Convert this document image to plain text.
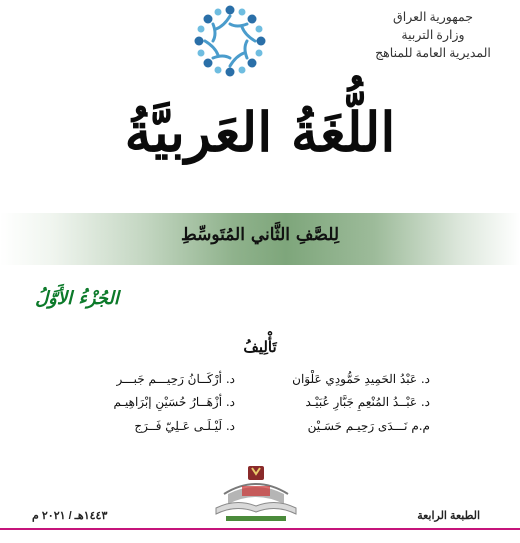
جمهورية العراق
وزارة التربية
المديرية العامة للمناهج
اللُّغَةُ العَربيَّةُ
لِلصَّفِ الثَّاني المُتَوسِّطِ
الجُزْءُ الأَوَّلُ
تَأْلِيفُ
د. عَبْدُ الحَمِيدِ حَمُّودِي عَلْوَان
د. عَبْــدُ المُنْعِمِ جَبَّارِ عُبَيْـد
م.م نَـــدَى رَحِيـم حَسَـيْن
د. أرْكَــانُ رَحِيـــم جَبـــر
د. أزْهَــارُ حُسَيْنِ إبْرَاهِيـم
د. لَيْـلَـى عَـلِيّ فَــرَج
الطبعة الرابعة
١٤٤٣هـ / ٢٠٢١ م
